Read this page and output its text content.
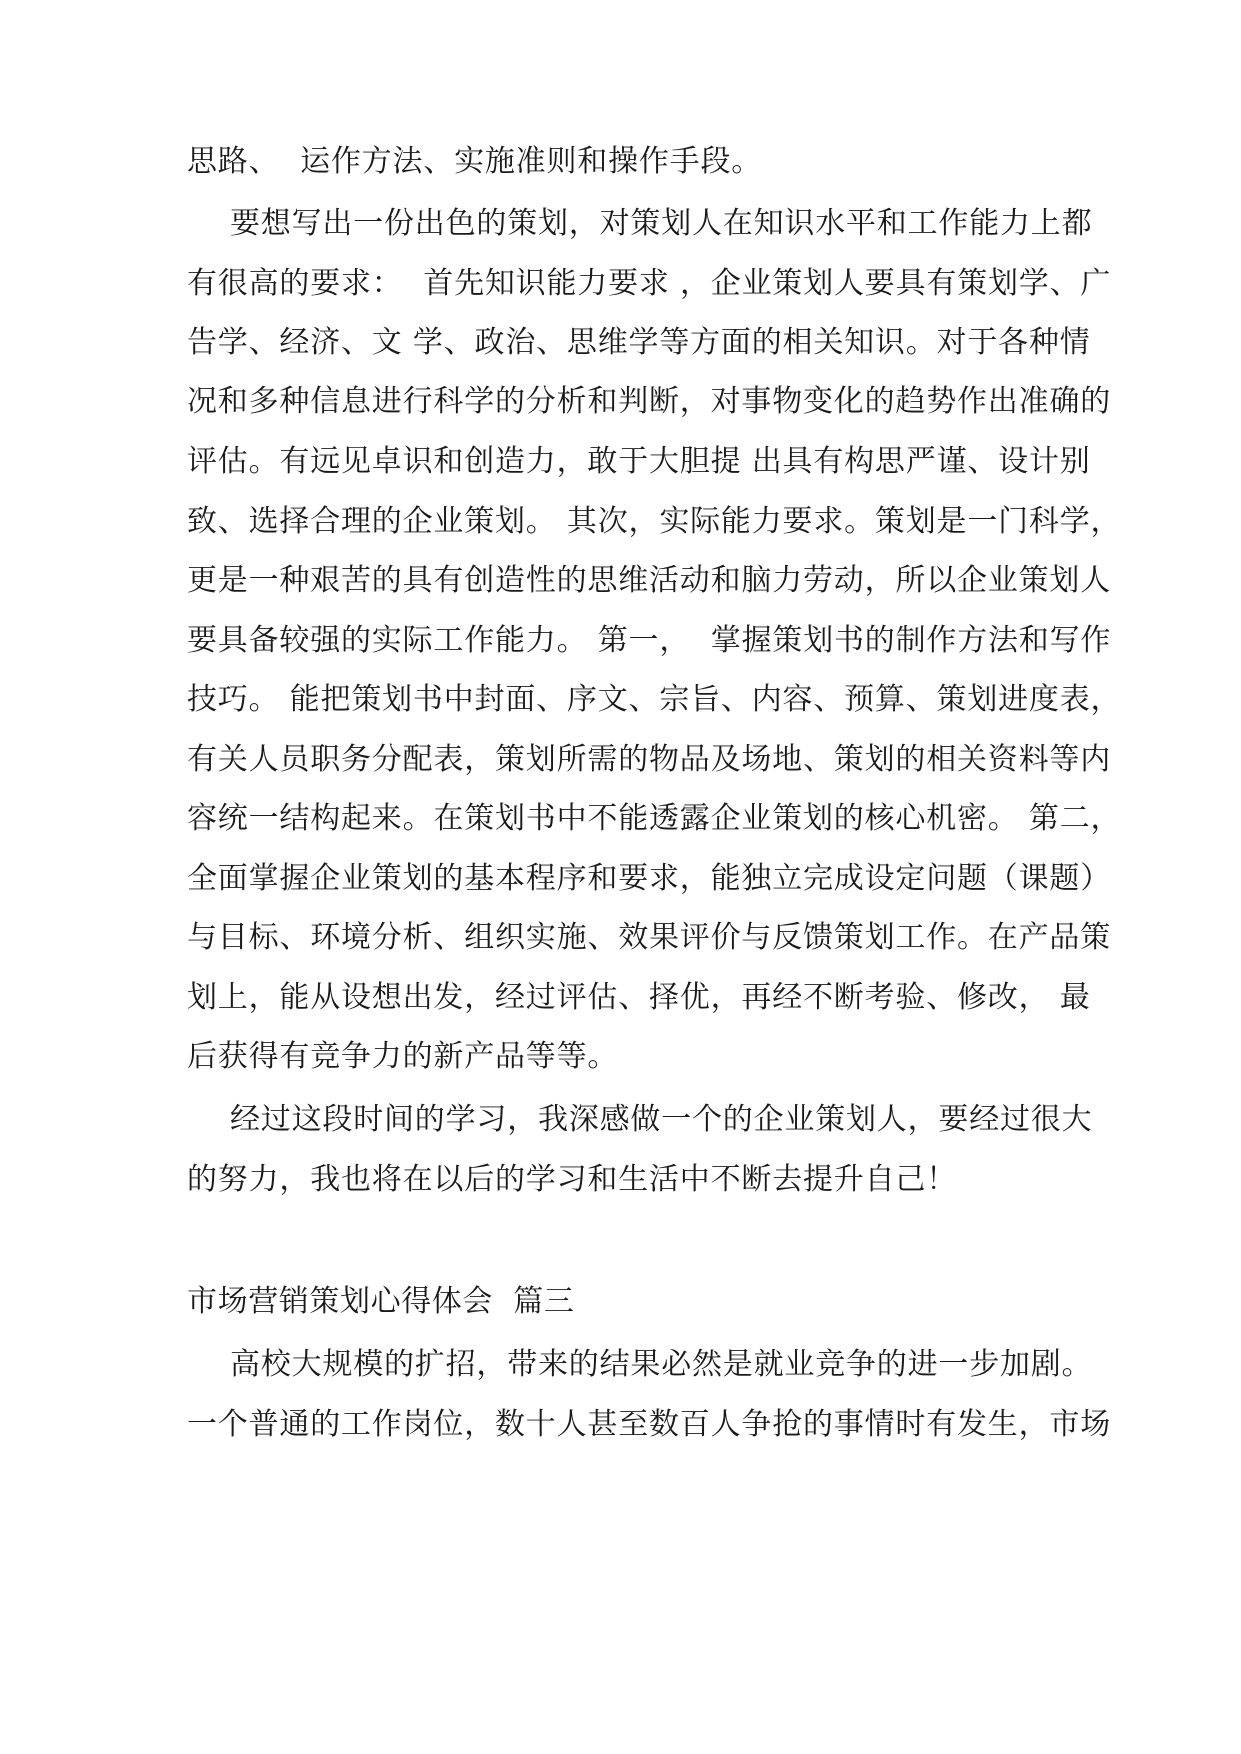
思路、  运作方法、实施准则和操作手段。
要想写出一份出色的策划，对策划人在知识水平和工作能力上都
有很高的要求：  首先知识能力要求 ，企业策划人要具有策划学、广
告学、经济、文 学、政治、思维学等方面的相关知识。对于各种情
况和多种信息进行科学的分析和判断，对事物变化的趋势作出准确的
评估。有远见卓识和创造力，敢于大胆提 出具有构思严谨、设计别
致、选择合理的企业策划。 其次，实际能力要求。策划是一门科学，
更是一种艰苦的具有创造性的思维活动和脑力劳动，所以企业策划人
要具备较强的实际工作能力。 第一，  掌握策划书的制作方法和写作
技巧。 能把策划书中封面、序文、宗旨、内容、预算、策划进度表，
有关人员职务分配表，策划所需的物品及场地、策划的相关资料等内
容统一结构起来。在策划书中不能透露企业策划的核心机密。 第二，
全面掌握企业策划的基本程序和要求，能独立完成设定问题（课题）
与目标、环境分析、组织实施、效果评价与反馈策划工作。在产品策
划上，能从设想出发，经过评估、择优，再经不断考验、修改， 最
后获得有竞争力的新产品等等。
经过这段时间的学习，我深感做一个的企业策划人，要经过很大
的努力，我也将在以后的学习和生活中不断去提升自己！
市场营销策划心得体会  篇三
高校大规模的扩招，带来的结果必然是就业竞争的进一步加剧。
一个普通的工作岗位，数十人甚至数百人争抢的事情时有发生，市场
